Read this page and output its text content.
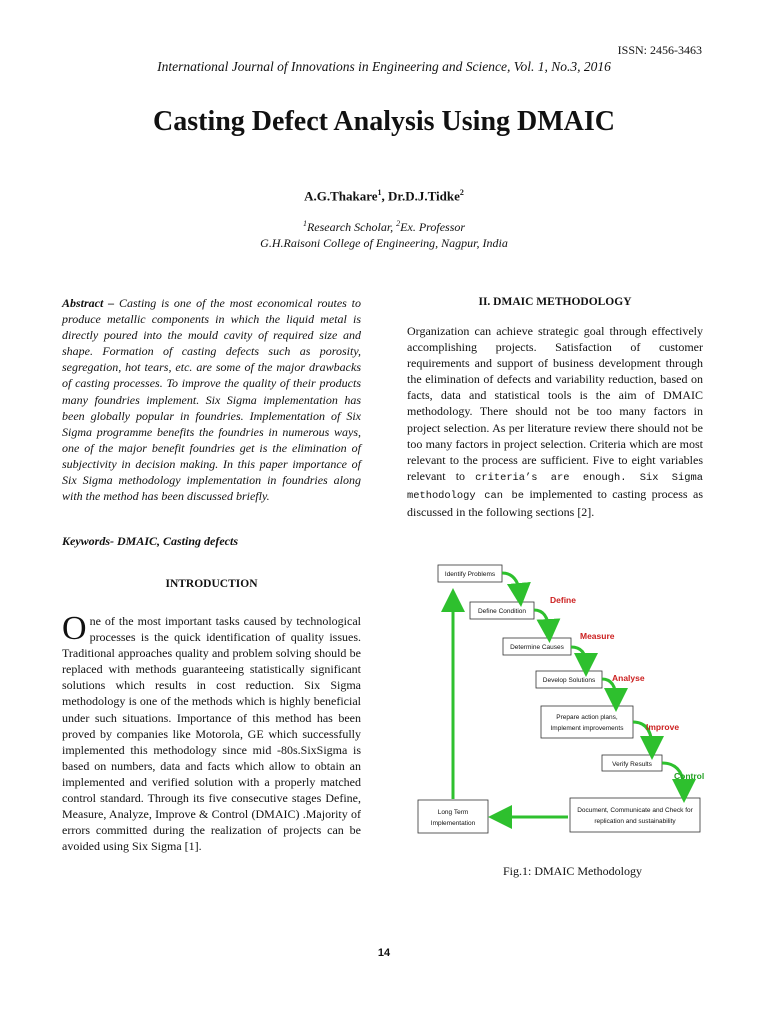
ISSN: 2456-3463
International Journal of Innovations in Engineering and Science, Vol. 1, No.3, 2016
Casting Defect Analysis Using DMAIC
A.G.Thakare$^1$, Dr.D.J.Tidke$^2$
$^1$Research Scholar, $^2$Ex. Professor
G.H.Raisoni College of Engineering, Nagpur, India
Abstract – Casting is one of the most economical routes to produce metallic components in which the liquid metal is directly poured into the mould cavity of required size and shape. Formation of casting defects such as porosity, segregation, hot tears, etc. are some of the major drawbacks of casting processes. To improve the quality of their products many foundries implement. Six Sigma implementation has been globally popular in foundries. Implementation of Six Sigma programme benefits the foundries in numerous ways, one of the major benefit foundries get is the elimination of subjectivity in decision making. In this paper importance of Six Sigma methodology implementation in foundries along with the method has been discussed briefly.
Keywords- DMAIC, Casting defects
INTRODUCTION
One of the most important tasks caused by technological processes is the quick identification of quality issues. Traditional approaches quality and problem solving should be replaced with methods guaranteeing statistically significant solutions which results in cost reduction. Six Sigma methodology is one of the methods which is highly beneficial under such situations. Importance of this method has been proved by companies like Motorola, GE which successfully implemented this methodology since mid -80s.SixSigma is based on numbers, data and facts which allow to obtain an implemented and verified solution with a properly matched control standard. Through its five consecutive stages Define, Measure, Analyze, Improve & Control (DMAIC) .Majority of errors committed during the realization of projects can be avoided using Six Sigma [1].
II. DMAIC METHODOLOGY
Organization can achieve strategic goal through effectively accomplishing projects. Satisfaction of customer requirements and support of business development through the elimination of defects and variability reduction, based on facts, data and statistical tools is the aim of DMAIC methodology. There should not be too many factors in project selection. As per literature review there should not be too many factors in project selection. Criteria which are most relevant to the process are sufficient. Five to eight variables relevant to criteria’s are enough. Six Sigma methodology can be implemented to casting process as discussed in the following sections [2].
Identify Problems
Define Condition
Determine Causes
Develop Solutions
Prepare action plans,
Implement improvements
Verify Results
Document, Communicate and Check for
replication and sustainability
Long Term
Implementation
Define
Measure
Analyse
Improve
Control
Fig.1: DMAIC Methodology
14
